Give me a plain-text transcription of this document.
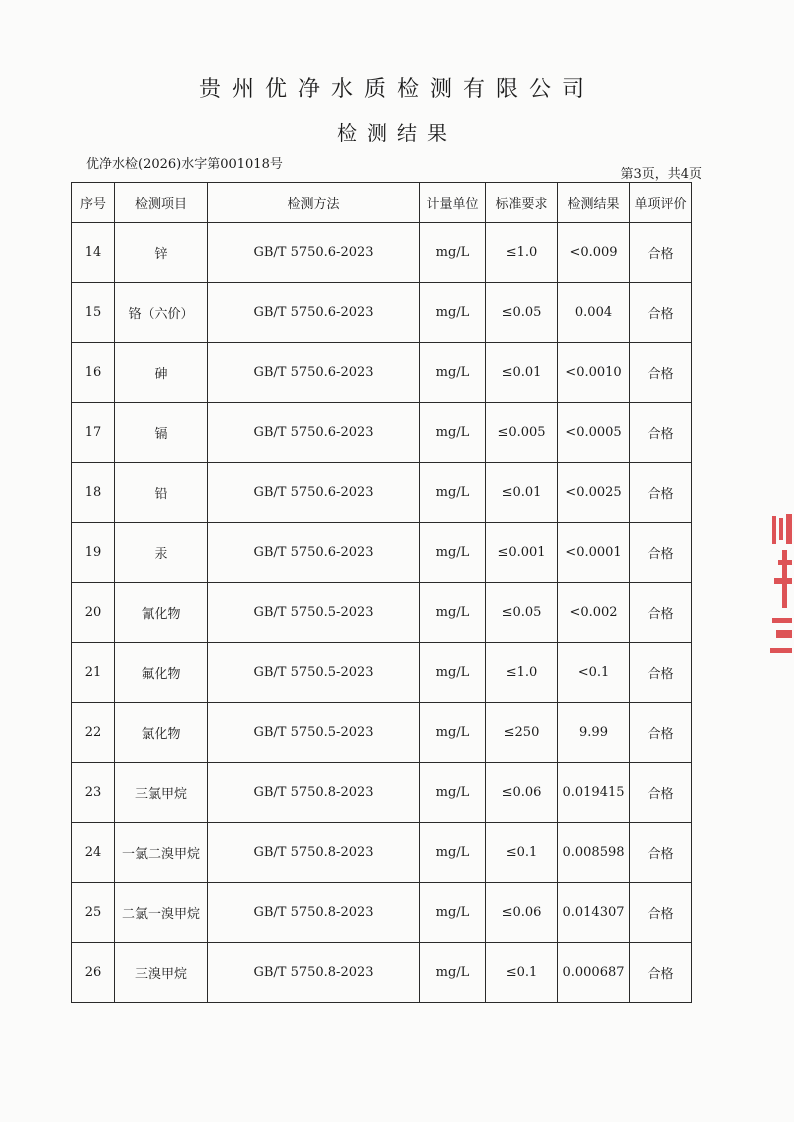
贵州优净水质检测有限公司
检测结果
优净水检(2026)水字第001018号
第3页，共4页
序号	检测项目	检测方法	计量单位	标准要求	检测结果	单项评价
14	锌	GB/T 5750.6-2023	mg/L	≤1.0	<0.009	合格
15	铬（六价）	GB/T 5750.6-2023	mg/L	≤0.05	0.004	合格
16	砷	GB/T 5750.6-2023	mg/L	≤0.01	<0.0010	合格
17	镉	GB/T 5750.6-2023	mg/L	≤0.005	<0.0005	合格
18	铅	GB/T 5750.6-2023	mg/L	≤0.01	<0.0025	合格
19	汞	GB/T 5750.6-2023	mg/L	≤0.001	<0.0001	合格
20	氰化物	GB/T 5750.5-2023	mg/L	≤0.05	<0.002	合格
21	氟化物	GB/T 5750.5-2023	mg/L	≤1.0	<0.1	合格
22	氯化物	GB/T 5750.5-2023	mg/L	≤250	9.99	合格
23	三氯甲烷	GB/T 5750.8-2023	mg/L	≤0.06	0.019415	合格
24	一氯二溴甲烷	GB/T 5750.8-2023	mg/L	≤0.1	0.008598	合格
25	二氯一溴甲烷	GB/T 5750.8-2023	mg/L	≤0.06	0.014307	合格
26	三溴甲烷	GB/T 5750.8-2023	mg/L	≤0.1	0.000687	合格
